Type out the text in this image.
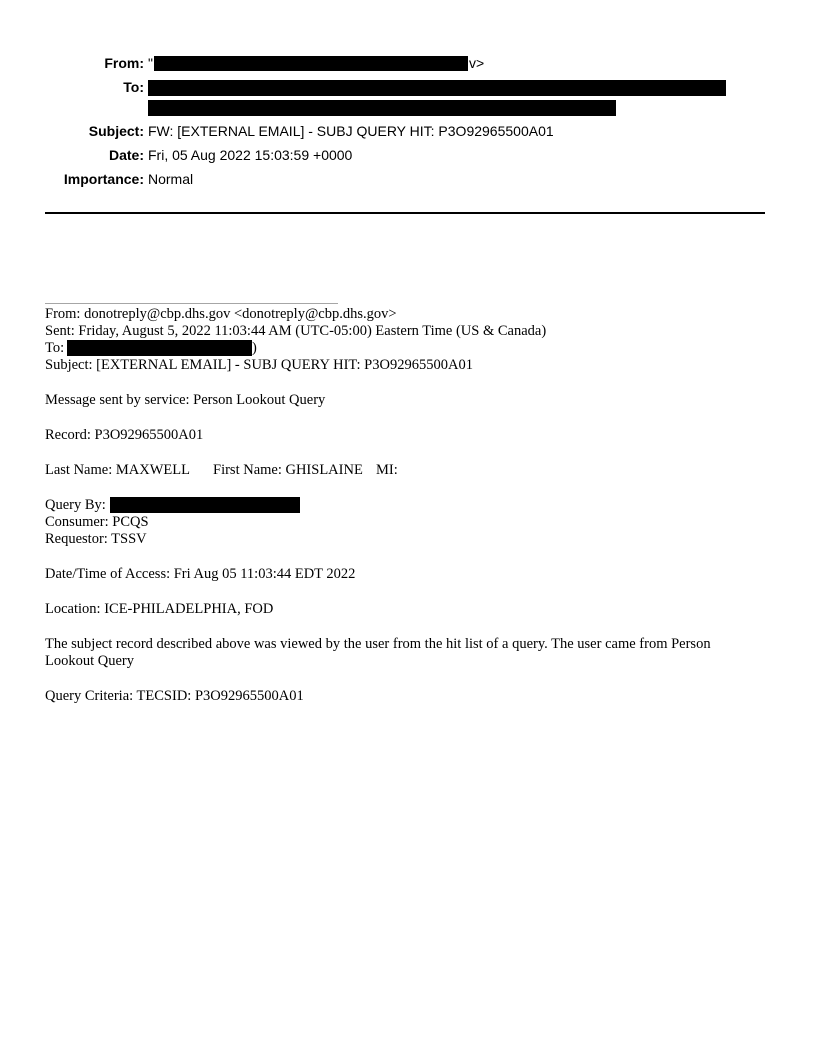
From: "	v>
To:
Subject: FW: [EXTERNAL EMAIL] - SUBJ QUERY HIT: P3O92965500A01
Date: Fri, 05 Aug 2022 15:03:59 +0000
Importance: Normal
From: donotreply@cbp.dhs.gov <donotreply@cbp.dhs.gov>
Sent: Friday, August 5, 2022 11:03:44 AM (UTC-05:00) Eastern Time (US & Canada)
To:	)
Subject: [EXTERNAL EMAIL] - SUBJ QUERY HIT: P3O92965500A01
Message sent by service: Person Lookout Query
Record: P3O92965500A01
Last Name: MAXWELL First Name: GHISLAINE MI:
Query By:
Consumer: PCQS
Requestor: TSSV
Date/Time of Access: Fri Aug 05 11:03:44 EDT 2022
Location: ICE-PHILADELPHIA, FOD
The subject record described above was viewed by the user from the hit list of a query. The user came from Person Lookout Query
Query Criteria: TECSID: P3O92965500A01
